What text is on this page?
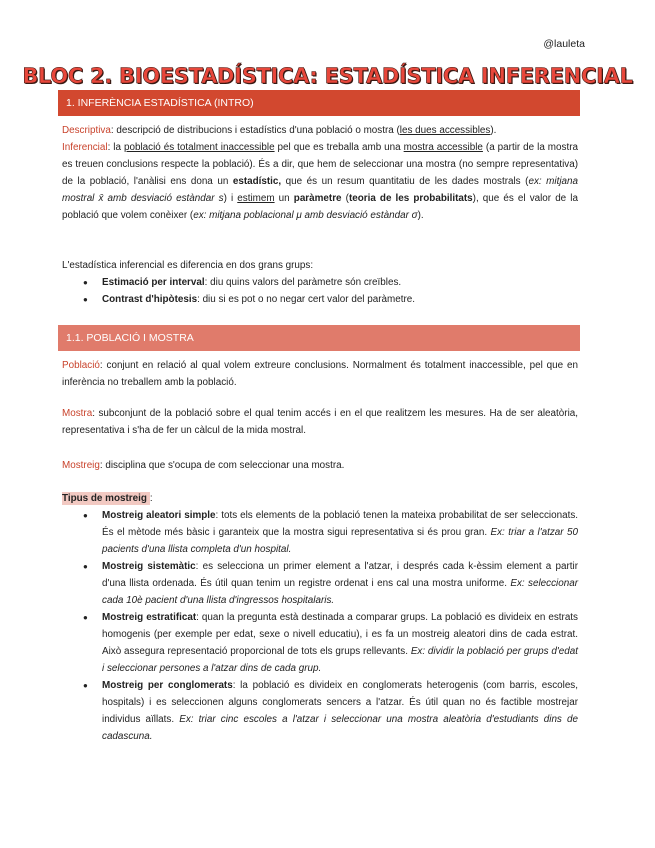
@lauleta
BLOC 2. BIOESTADÍSTICA: ESTADÍSTICA INFERENCIAL
1. INFERÈNCIA ESTADÍSTICA (INTRO)
Descriptiva: descripció de distribucions i estadístics d'una població o mostra (les dues accessibles).
Inferencial: la població és totalment inaccessible pel que es treballa amb una mostra accessible (a partir de la mostra es treuen conclusions respecte la població). És a dir, que hem de seleccionar una mostra (no sempre representativa) de la població, l'anàlisi ens dona un estadístic, que és un resum quantitatiu de les dades mostrals (ex: mitjana mostral x̄ amb desviació estàndar s) i estimem un paràmetre (teoria de les probabilitats), que és el valor de la població que volem conèixer (ex: mitjana poblacional μ amb desviació estàndar σ).
L'estadística inferencial es diferencia en dos grans grups:
● Estimació per interval: diu quins valors del paràmetre són creïbles.
● Contrast d'hipòtesis: diu si es pot o no negar cert valor del paràmetre.
1.1. POBLACIÓ I MOSTRA
Població: conjunt en relació al qual volem extreure conclusions. Normalment és totalment inaccessible, pel que en inferència no treballem amb la població.
Mostra: subconjunt de la població sobre el qual tenim accés i en el que realitzem les mesures. Ha de ser aleatòria, representativa i s'ha de fer un càlcul de la mida mostral.
Mostreig: disciplina que s'ocupa de com seleccionar una mostra.
Tipus de mostreig :
● Mostreig aleatori simple: tots els elements de la població tenen la mateixa probabilitat de ser seleccionats. És el mètode més bàsic i garanteix que la mostra sigui representativa si és prou gran. Ex: triar a l'atzar 50 pacients d'una llista completa d'un hospital.
● Mostreig sistemàtic: es selecciona un primer element a l'atzar, i després cada k-èssim element a partir d'una llista ordenada. És útil quan tenim un registre ordenat i ens cal una mostra uniforme. Ex: seleccionar cada 10è pacient d'una llista d'ingressos hospitalaris.
● Mostreig estratificat: quan la pregunta està destinada a comparar grups. La població es divideix en estrats homogenis (per exemple per edat, sexe o nivell educatiu), i es fa un mostreig aleatori dins de cada estrat. Això assegura representació proporcional de tots els grups rellevants. Ex: dividir la població per grups d'edat i seleccionar persones a l'atzar dins de cada grup.
● Mostreig per conglomerats: la població es divideix en conglomerats heterogenis (com barris, escoles, hospitals) i es seleccionen alguns conglomerats sencers a l'atzar. És útil quan no és factible mostrejar individus aïllats. Ex: triar cinc escoles a l'atzar i seleccionar una mostra aleatòria d'estudiants dins de cadascuna.
